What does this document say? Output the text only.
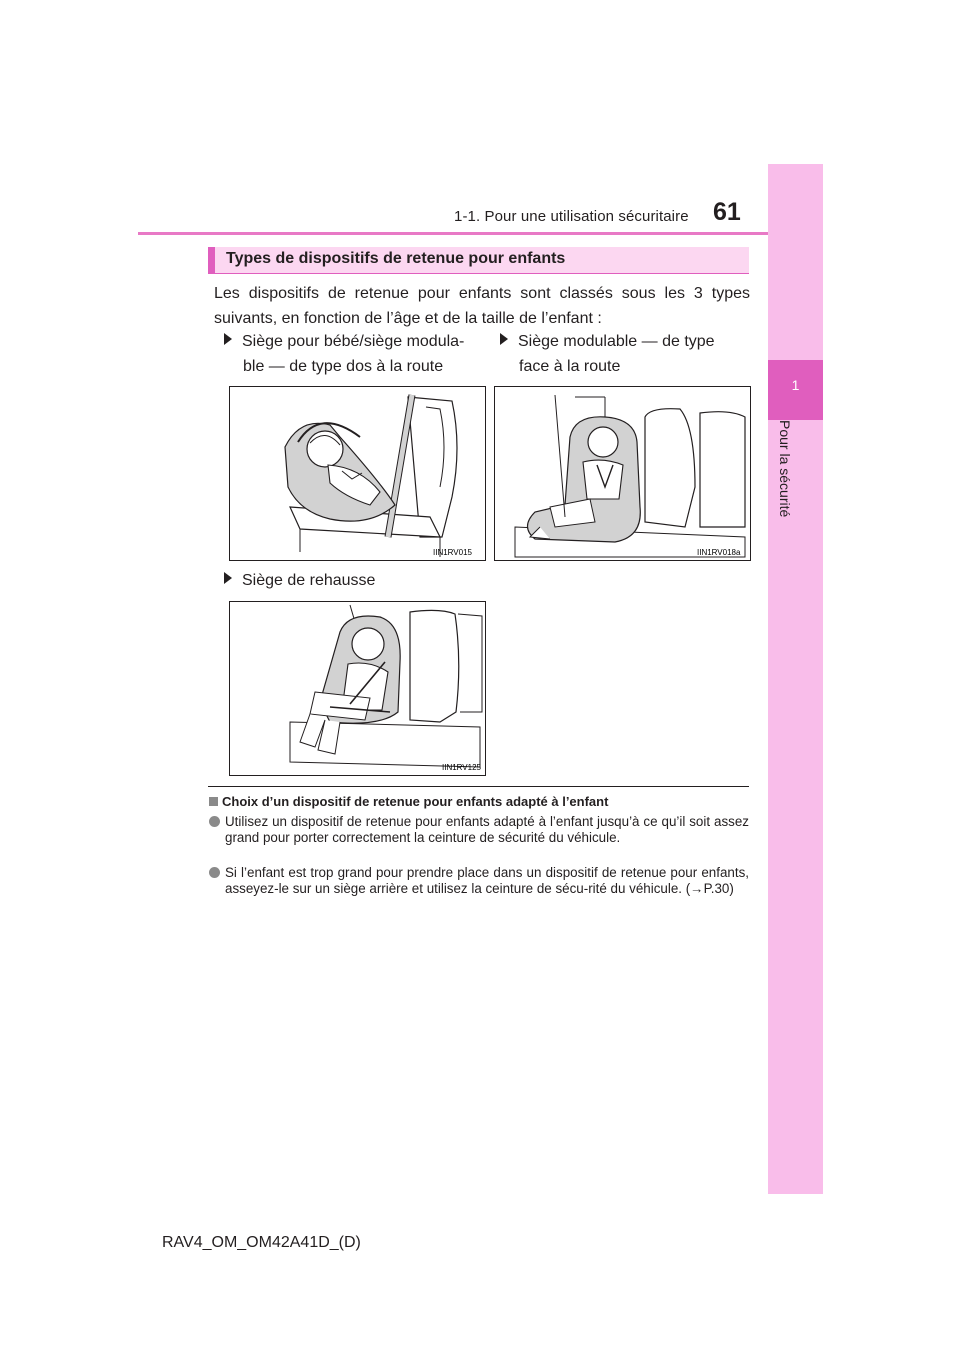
1-1. Pour une utilisation sécuritaire 61
1
Pour la sécurité
Types de dispositifs de retenue pour enfants
Les dispositifs de retenue pour enfants sont classés sous les 3 types suivants, en fonction de l’âge et de la taille de l’enfant :
Siège pour bébé/siège modula-
ble — de type dos à la route
Siège modulable — de type
face à la route
IIN1RV015	IIN1RV018a
Siège de rehausse
IIN1RV125
Choix d’un dispositif de retenue pour enfants adapté à l’enfant
Utilisez un dispositif de retenue pour enfants adapté à l’enfant jusqu’à ce qu’il soit assez grand pour porter correctement la ceinture de sécurité du véhicule.
Si l’enfant est trop grand pour prendre place dans un dispositif de retenue pour enfants, asseyez-le sur un siège arrière et utilisez la ceinture de sécu-rité du véhicule. (→P.30)
RAV4_OM_OM42A41D_(D)
